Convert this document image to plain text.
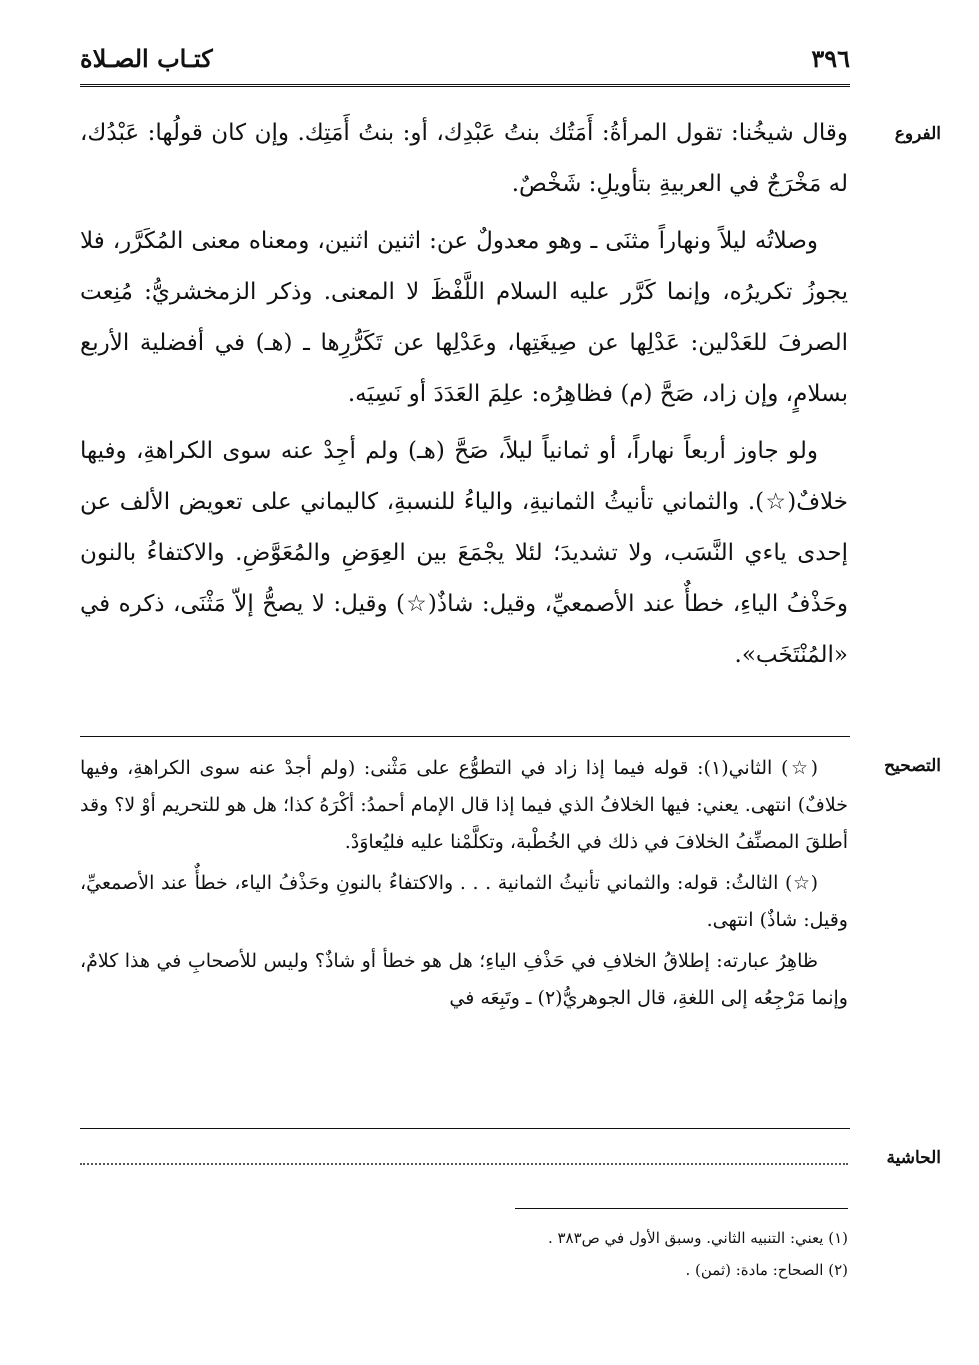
٣٩٦
كتـاب الصـلاة
الفروع

وقال شيخُنا: تقول المرأةُ: أَمَتُك بنتُ عَبْدِك، أو: بنتُ أَمَتِك. وإن كان قولُها: عَبْدُك، له مَخْرَجٌ في العربيةِ بتأويلِ: شَخْصٌ.

وصلاتُه ليلاً ونهاراً مثنَى ـ وهو معدولٌ عن: اثنين اثنين، ومعناه معنى المُكَرَّر، فلا يجوزُ تكريرُه، وإنما كَرَّر عليه السلام اللَّفْظَ لا المعنى. وذكر الزمخشريُّ: مُنِعت الصرفَ للعَدْلين: عَدْلِها عن صِيغَتِها، وعَدْلِها عن تَكَرُّرِها ـ (هـ) في أفضلية الأربع بسلامٍ، وإن زاد، صَحَّ (م) فظاهِرُه: علِمَ العَدَدَ أو نَسِيَه.

ولو جاوز أربعاً نهاراً، أو ثمانياً ليلاً، صَحَّ (هـ) ولم أجِدْ عنه سوى الكراهةِ، وفيها خلافٌ(☆). والثماني تأنيثُ الثمانيةِ، والياءُ للنسبةِ، كاليماني على تعويض الألف عن إحدى ياءي النَّسَب، ولا تشديدَ؛ لئلا يجْمَعَ بين العِوَضِ والمُعَوَّضِ. والاكتفاءُ بالنون وحَذْفُ الياءِ، خطأٌ عند الأصمعيِّ، وقيل: شاذٌ(☆) وقيل: لا يصحُّ إلاّ مَثْنَى، ذكره في «المُنْتَخَب».

التصحيح

(☆) الثاني(١): قوله فيما إذا زاد في التطوُّع على مَثْنى: (ولم أجدْ عنه سوى الكراهةِ، وفيها خلافٌ) انتهى. يعني: فيها الخلافُ الذي فيما إذا قال الإمام أحمدُ: أكْرَهُ كذا؛ هل هو للتحريم أوْ لا؟ وقد أطلقَ المصنِّفُ الخلافَ في ذلك في الخُطْبة، وتكلَّمْنا عليه فليُعاوَدْ.

(☆) الثالثُ: قوله: والثماني تأنيثُ الثمانية . . . والاكتفاءُ بالنونِ وحَذْفُ الياء، خطأٌ عند الأصمعيِّ، وقيل: شاذٌ) انتهى.

ظاهِرُ عبارته: إطلاقُ الخلافِ في حَذْفِ الياءِ؛ هل هو خطأ أو شاذٌ؟ وليس للأصحابِ في هذا كلامٌ، وإنما مَرْجِعُه إلى اللغةِ، قال الجوهريُّ(٢) ـ وتَبِعَه في

الحاشية
(١) يعني: التنبيه الثاني. وسبق الأول في ص٣٨٣ .
(٢) الصحاح: مادة: (ثمن) .
